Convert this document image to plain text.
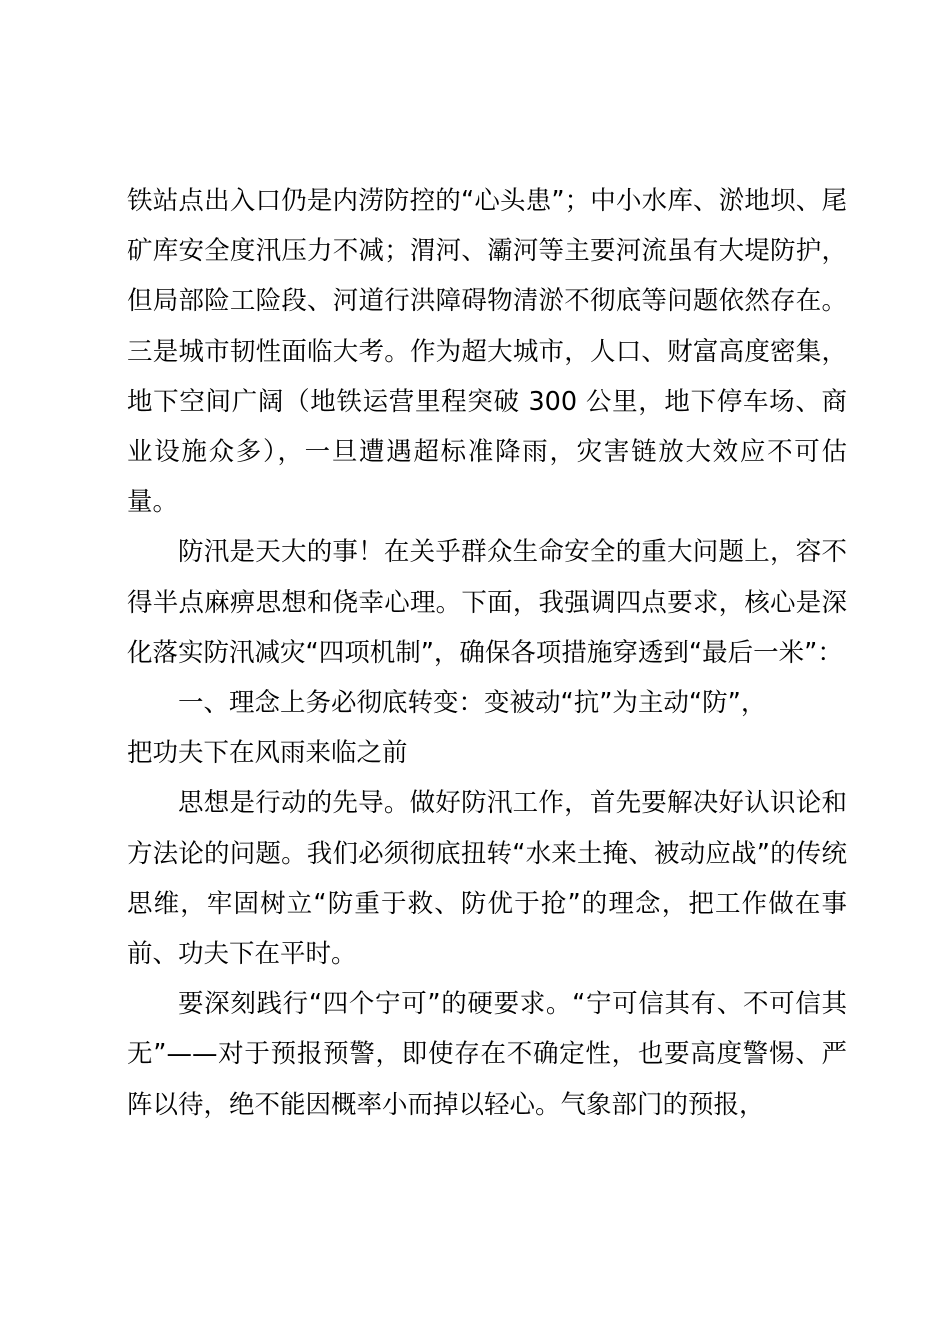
铁站点出入口仍是内涝防控的“心头患”；中小水库、淤地坝、尾矿库安全度汛压力不减；渭河、灞河等主要河流虽有大堤防护，但局部险工险段、河道行洪障碍物清淤不彻底等问题依然存在。三是城市韧性面临大考。作为超大城市，人口、财富高度密集，地下空间广阔（地铁运营里程突破 300 公里，地下停车场、商业设施众多），一旦遭遇超标准降雨，灾害链放大效应不可估量。

防汛是天大的事！在关乎群众生命安全的重大问题上，容不得半点麻痹思想和侥幸心理。下面，我强调四点要求，核心是深化落实防汛减灾“四项机制”，确保各项措施穿透到“最后一米”：

一、理念上务必彻底转变：变被动“抗”为主动“防”，
把功夫下在风雨来临之前

思想是行动的先导。做好防汛工作，首先要解决好认识论和方法论的问题。我们必须彻底扭转“水来土掩、被动应战”的传统思维，牢固树立“防重于救、防优于抢”的理念，把工作做在事前、功夫下在平时。

要深刻践行“四个宁可”的硬要求。“宁可信其有、不可信其无”——对于预报预警，即使存在不确定性，也要高度警惕、严阵以待，绝不能因概率小而掉以轻心。气象部门的预报，
